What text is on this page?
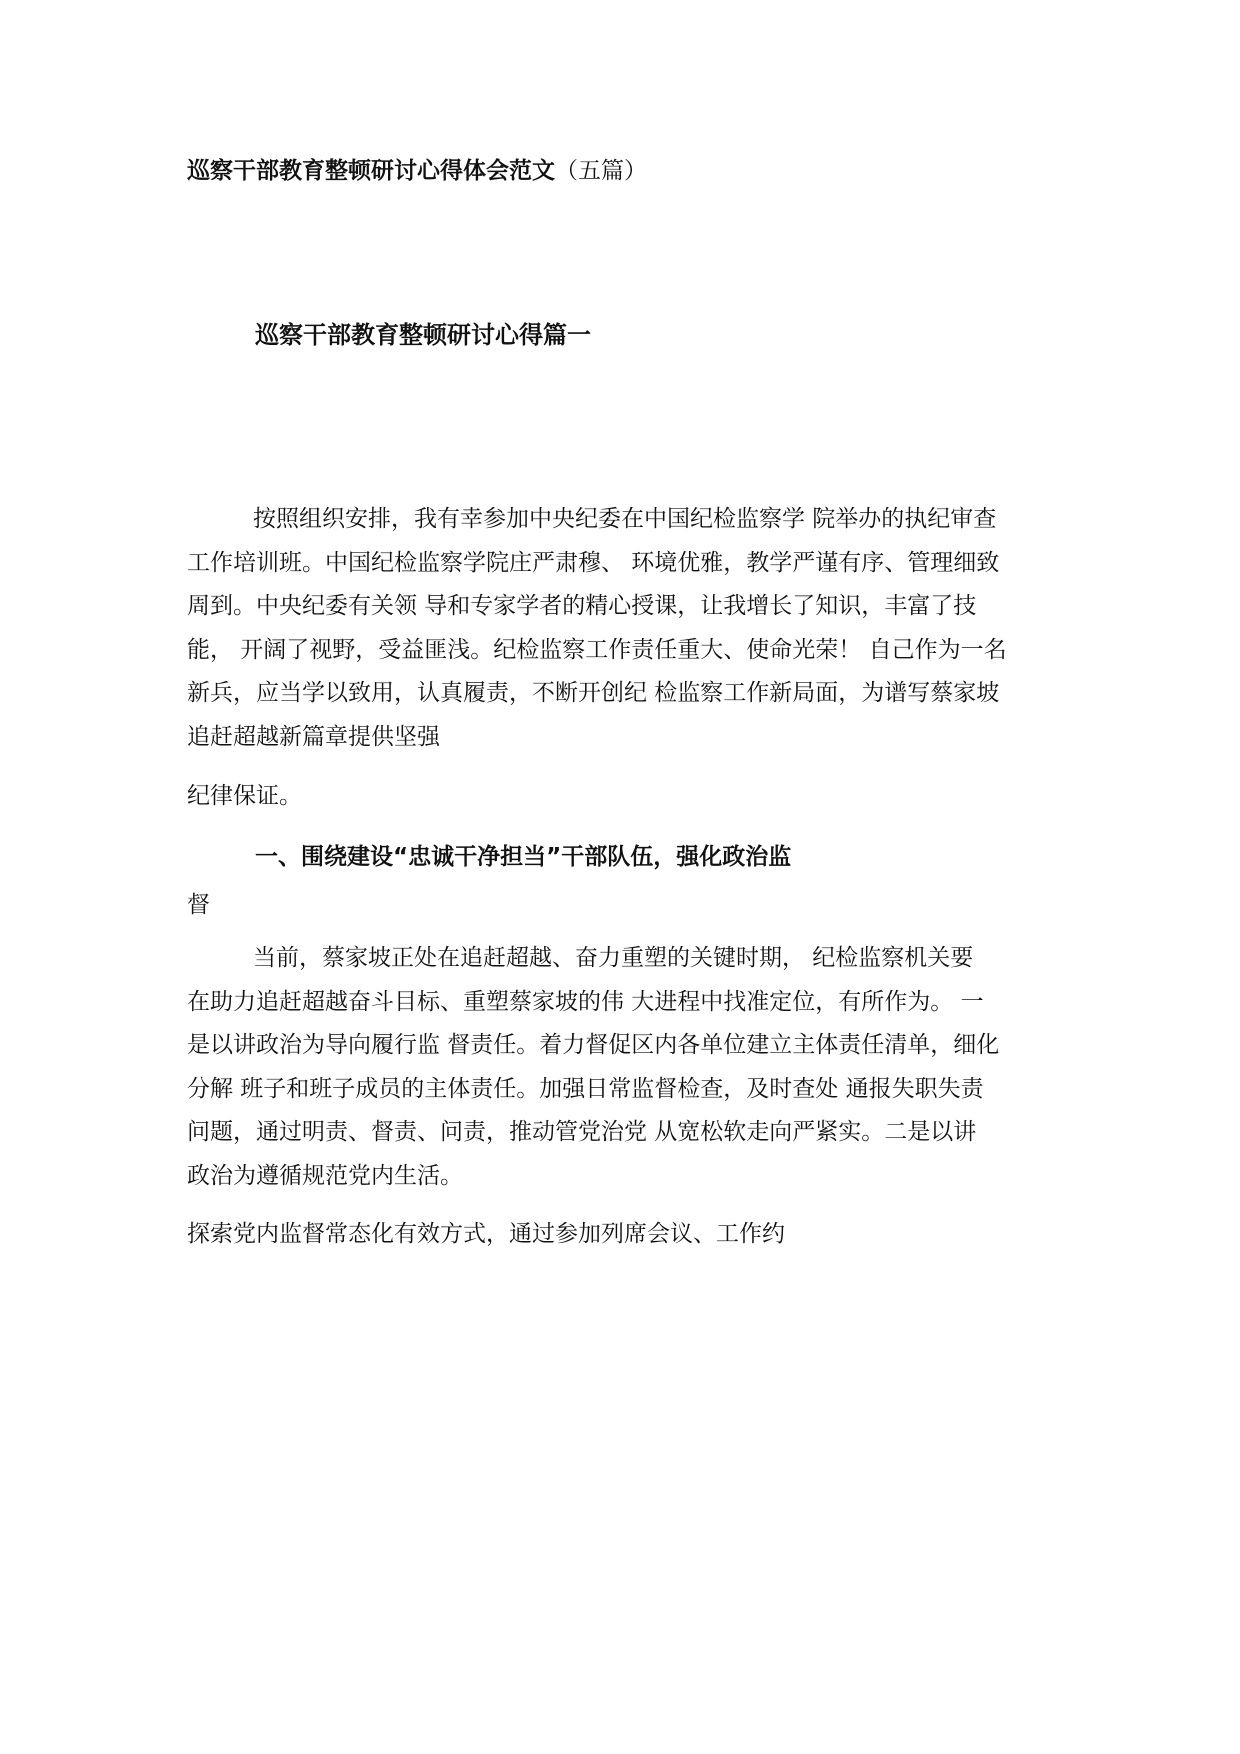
巡察干部教育整顿研讨心得体会范文（五篇）
巡察干部教育整顿研讨心得篇一
按照组织安排，我有幸参加中央纪委在中国纪检监察学 院举办的执纪审查
工作培训班。中国纪检监察学院庄严肃穆、 环境优雅，教学严谨有序、管理细致
周到。中央纪委有关领 导和专家学者的精心授课，让我增长了知识，丰富了技
能， 开阔了视野，受益匪浅。纪检监察工作责任重大、使命光荣！ 自己作为一名
新兵，应当学以致用，认真履责，不断开创纪 检监察工作新局面，为谱写蔡家坡
追赶超越新篇章提供坚强
纪律保证。
一、围绕建设“忠诚干净担当”干部队伍，强化政治监
督
当前，蔡家坡正处在追赶超越、奋力重塑的关键时期， 纪检监察机关要
在助力追赶超越奋斗目标、重塑蔡家坡的伟 大进程中找准定位，有所作为。 一
是以讲政治为导向履行监 督责任。着力督促区内各单位建立主体责任清单，细化
分解 班子和班子成员的主体责任。加强日常监督检查，及时查处 通报失职失责
问题，通过明责、督责、问责，推动管党治党 从宽松软走向严紧实。二是以讲
政治为遵循规范党内生活。
探索党内监督常态化有效方式，通过参加列席会议、工作约
